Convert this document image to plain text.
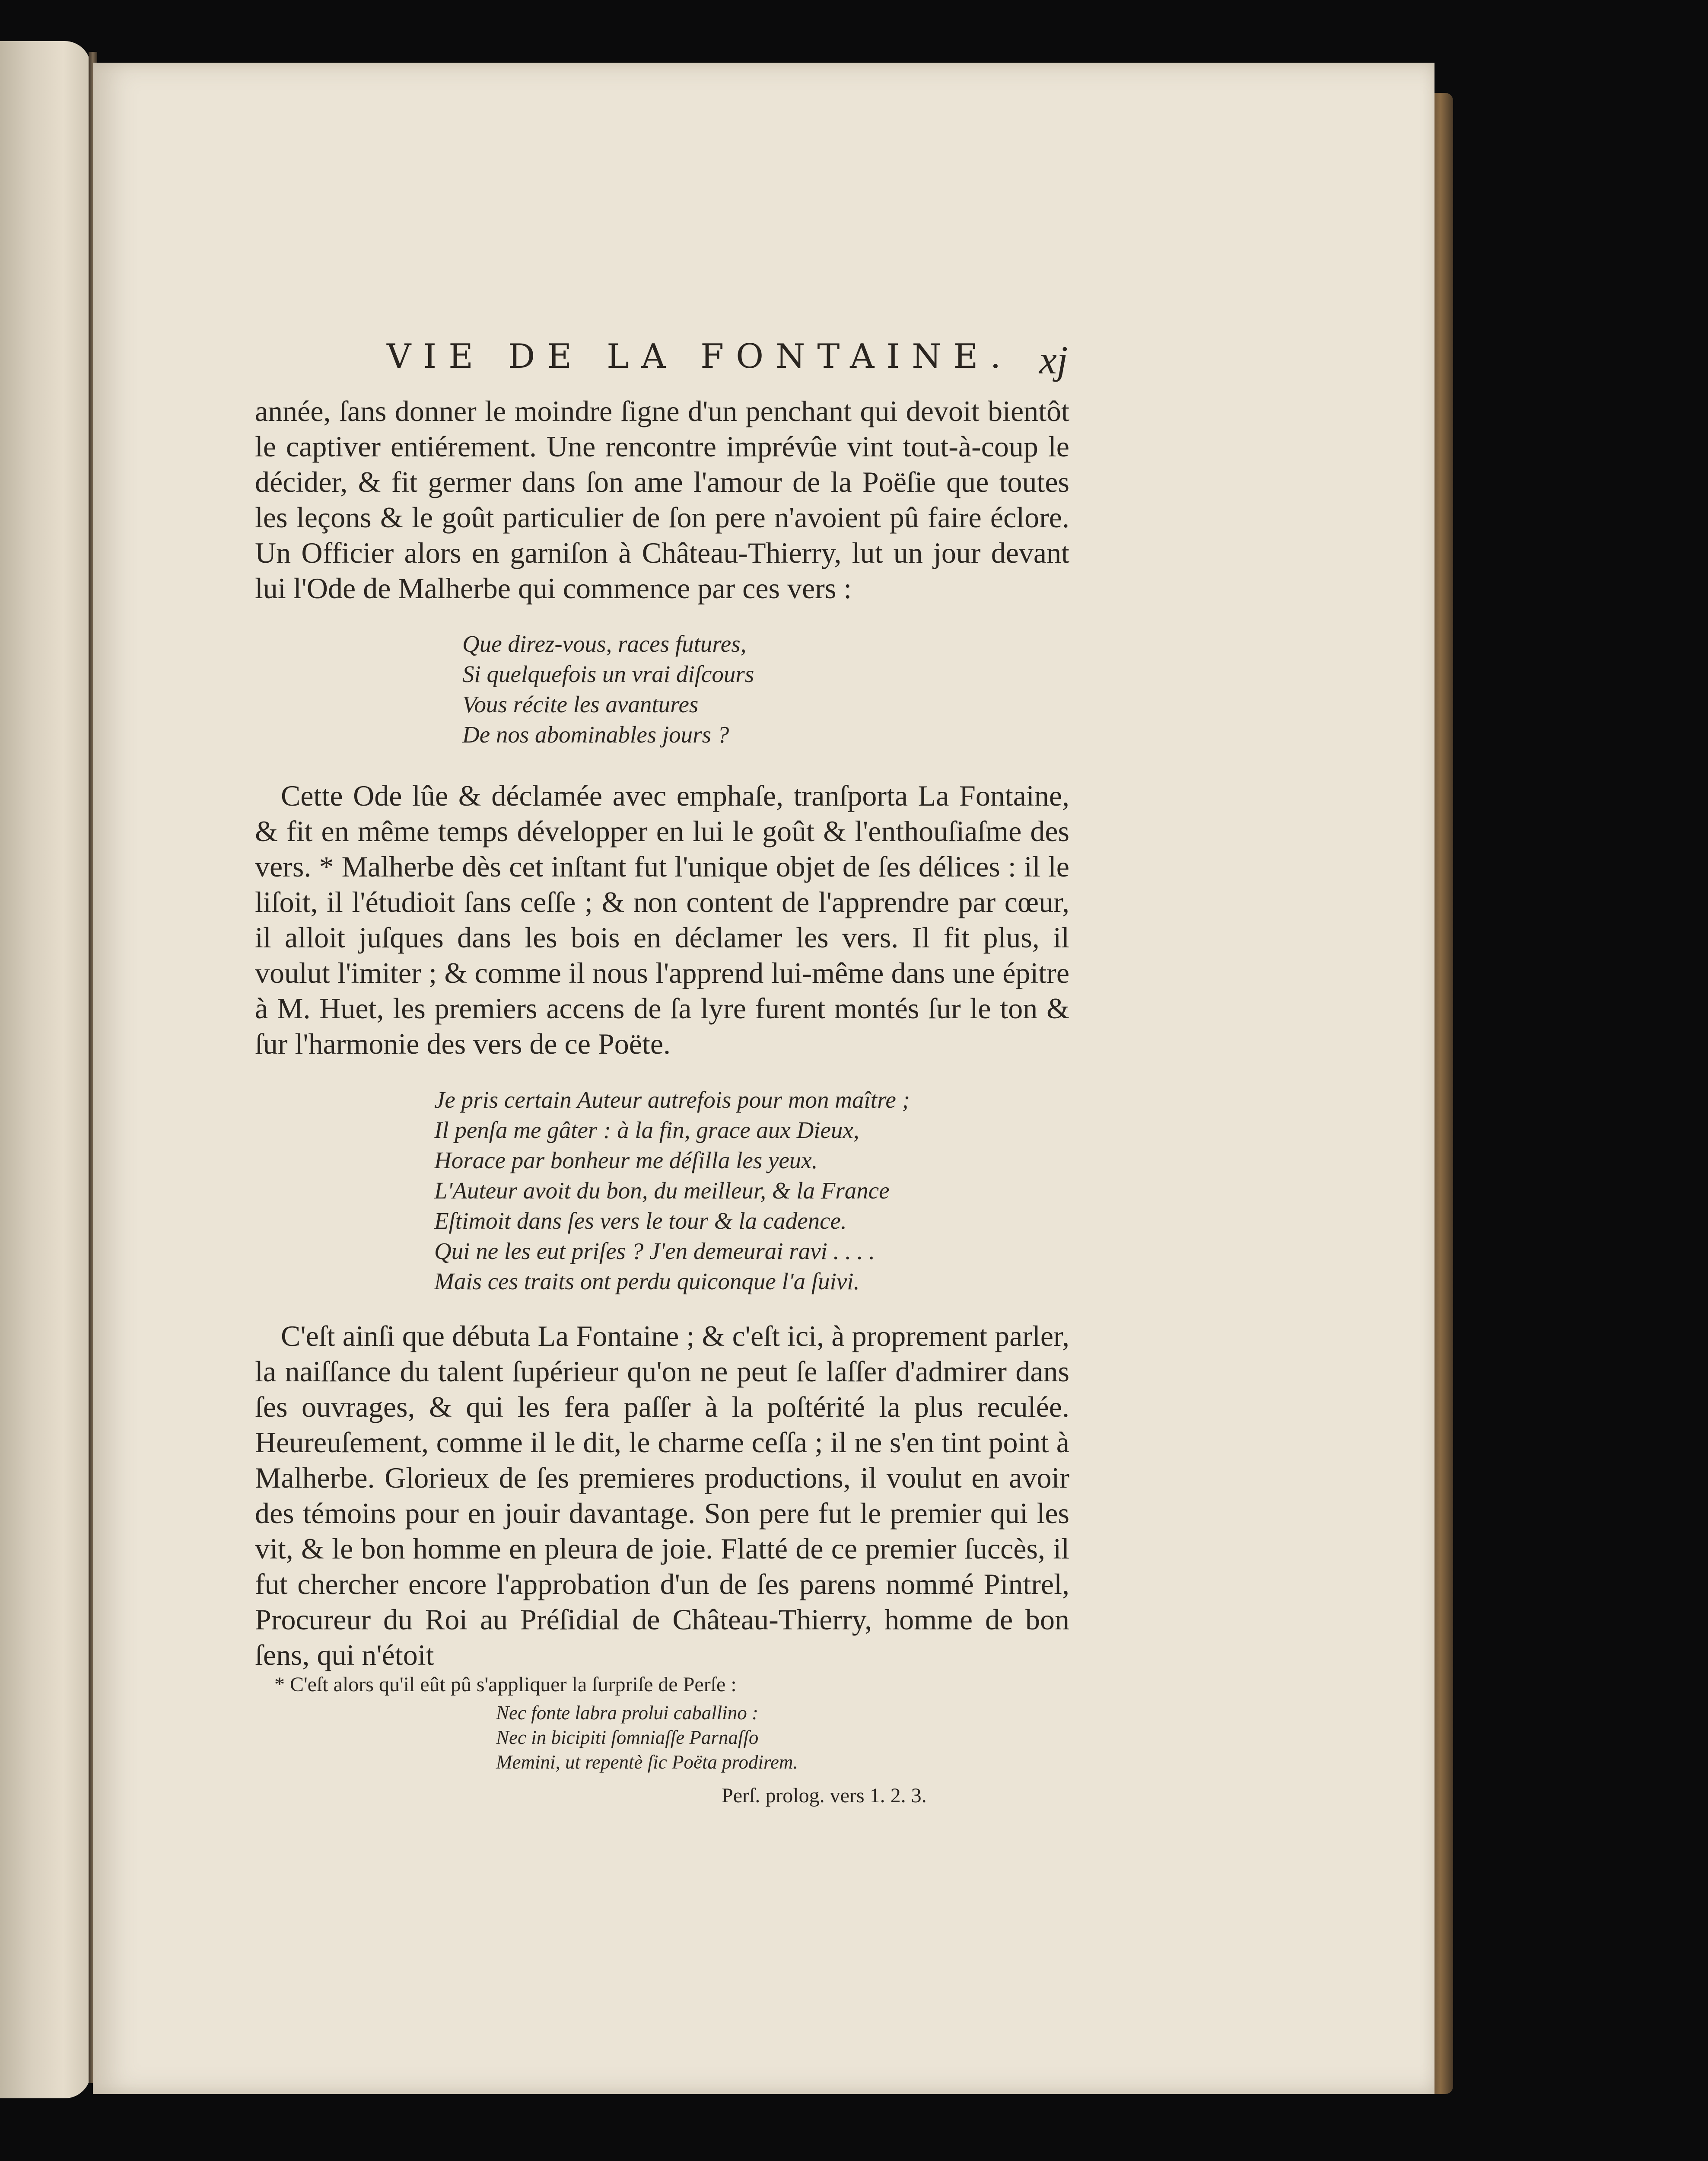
VIE DE LA FONTAINE. xj

année, ſans donner le moindre ſigne d'un penchant qui devoit bientôt le captiver entiérement. Une rencontre imprévûe vint tout-à-coup le décider, & fit germer dans ſon ame l'amour de la Poëſie que toutes les leçons & le goût particulier de ſon pere n'avoient pû faire éclore. Un Officier alors en garniſon à Château-Thierry, lut un jour devant lui l'Ode de Malherbe qui commence par ces vers :

Que direz-vous, races futures,
Si quelquefois un vrai diſcours
Vous récite les avantures
De nos abominables jours ?

Cette Ode lûe & déclamée avec emphaſe, tranſporta La Fontaine, & fit en même temps développer en lui le goût & l'enthouſiaſme des vers. * Malherbe dès cet inſtant fut l'unique objet de ſes délices : il le liſoit, il l'étudioit ſans ceſſe ; & non content de l'apprendre par cœur, il alloit juſques dans les bois en déclamer les vers. Il fit plus, il voulut l'imiter ; & comme il nous l'apprend lui-même dans une épitre à M. Huet, les premiers accens de ſa lyre furent montés ſur le ton & ſur l'harmonie des vers de ce Poëte.

Je pris certain Auteur autrefois pour mon maître ;
Il penſa me gâter : à la fin, grace aux Dieux,
Horace par bonheur me déſilla les yeux.
L'Auteur avoit du bon, du meilleur, & la France
Eſtimoit dans ſes vers le tour & la cadence.
Qui ne les eut priſes ? J'en demeurai ravi . . . .
Mais ces traits ont perdu quiconque l'a ſuivi.

C'eſt ainſi que débuta La Fontaine ; & c'eſt ici, à proprement parler, la naiſſance du talent ſupérieur qu'on ne peut ſe laſſer d'admirer dans ſes ouvrages, & qui les fera paſſer à la poſtérité la plus reculée. Heureuſement, comme il le dit, le charme ceſſa ; il ne s'en tint point à Malherbe. Glorieux de ſes premieres productions, il voulut en avoir des témoins pour en jouir davantage. Son pere fut le premier qui les vit, & le bon homme en pleura de joie. Flatté de ce premier ſuccès, il fut chercher encore l'approbation d'un de ſes parens nommé Pintrel, Procureur du Roi au Préſidial de Château-Thierry, homme de bon ſens, qui n'étoit

* C'eſt alors qu'il eût pû s'appliquer la ſurpriſe de Perſe :

Nec fonte labra prolui caballino :
Nec in bicipiti ſomniaſſe Parnaſſo
Memini, ut repentè ſic Poëta prodirem.

Perſ. prolog. vers 1. 2. 3.
